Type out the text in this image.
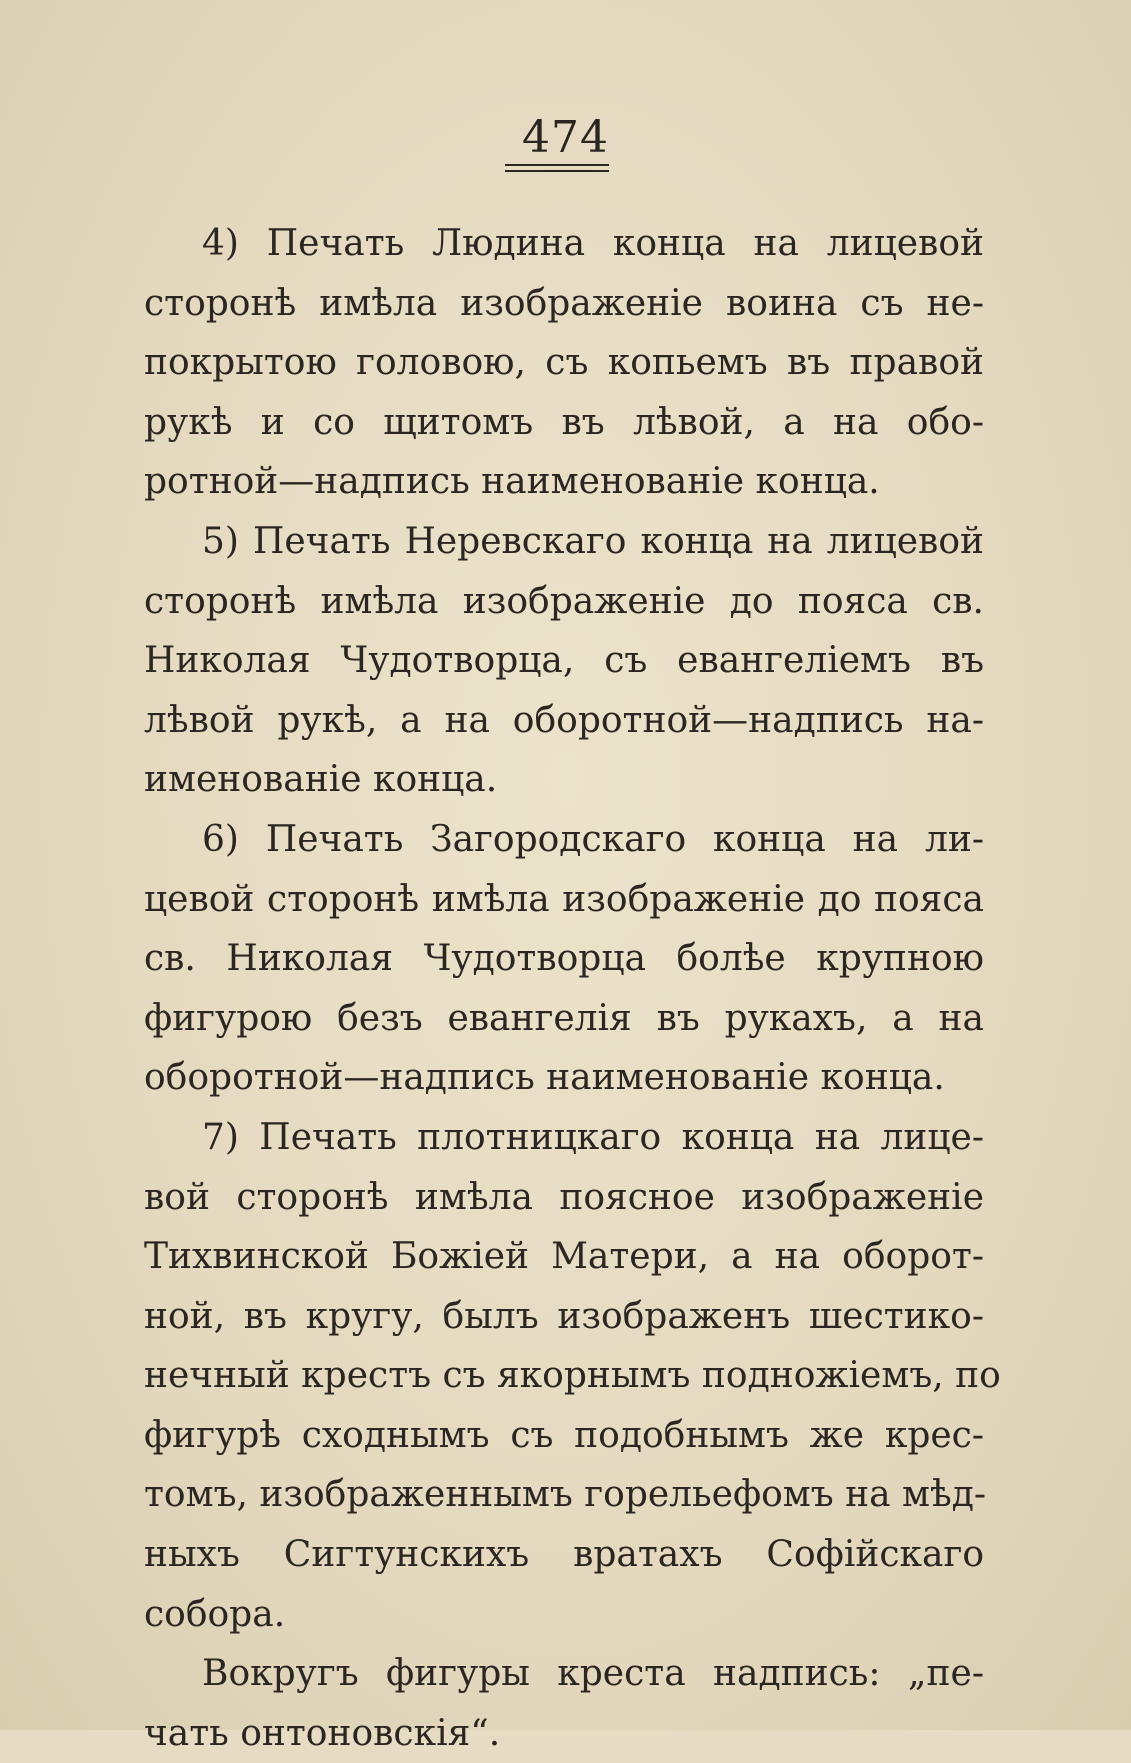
474
4) Печать Людина конца на лицевой
сторонѣ имѣла изображеніе воина съ не-
покрытою головою, съ копьемъ въ правой
рукѣ и со щитомъ въ лѣвой, а на обо-
ротной—надпись наименованіе конца.
5) Печать Неревскаго конца на лицевой
сторонѣ имѣла изображеніе до пояса св.
Николая Чудотворца, съ евангеліемъ въ
лѣвой рукѣ, а на оборотной—надпись на-
именованіе конца.
6) Печать Загородскаго конца на ли-
цевой сторонѣ имѣла изображеніе до пояса
св. Николая Чудотворца болѣе крупною
фигурою безъ евангелія въ рукахъ, а на
оборотной—надпись наименованіе конца.
7) Печать плотницкаго конца на лице-
вой сторонѣ имѣла поясное изображеніе
Тихвинской Божіей Матери, а на оборот-
ной, въ кругу, былъ изображенъ шестико-
нечный крестъ съ якорнымъ подножіемъ, по
фигурѣ сходнымъ съ подобнымъ же крес-
томъ, изображеннымъ горельефомъ на мѣд-
ныхъ Сигтунскихъ вратахъ Софійскаго
собора.
Вокругъ фигуры креста надпись: „пе-
чать онтоновскія“.
